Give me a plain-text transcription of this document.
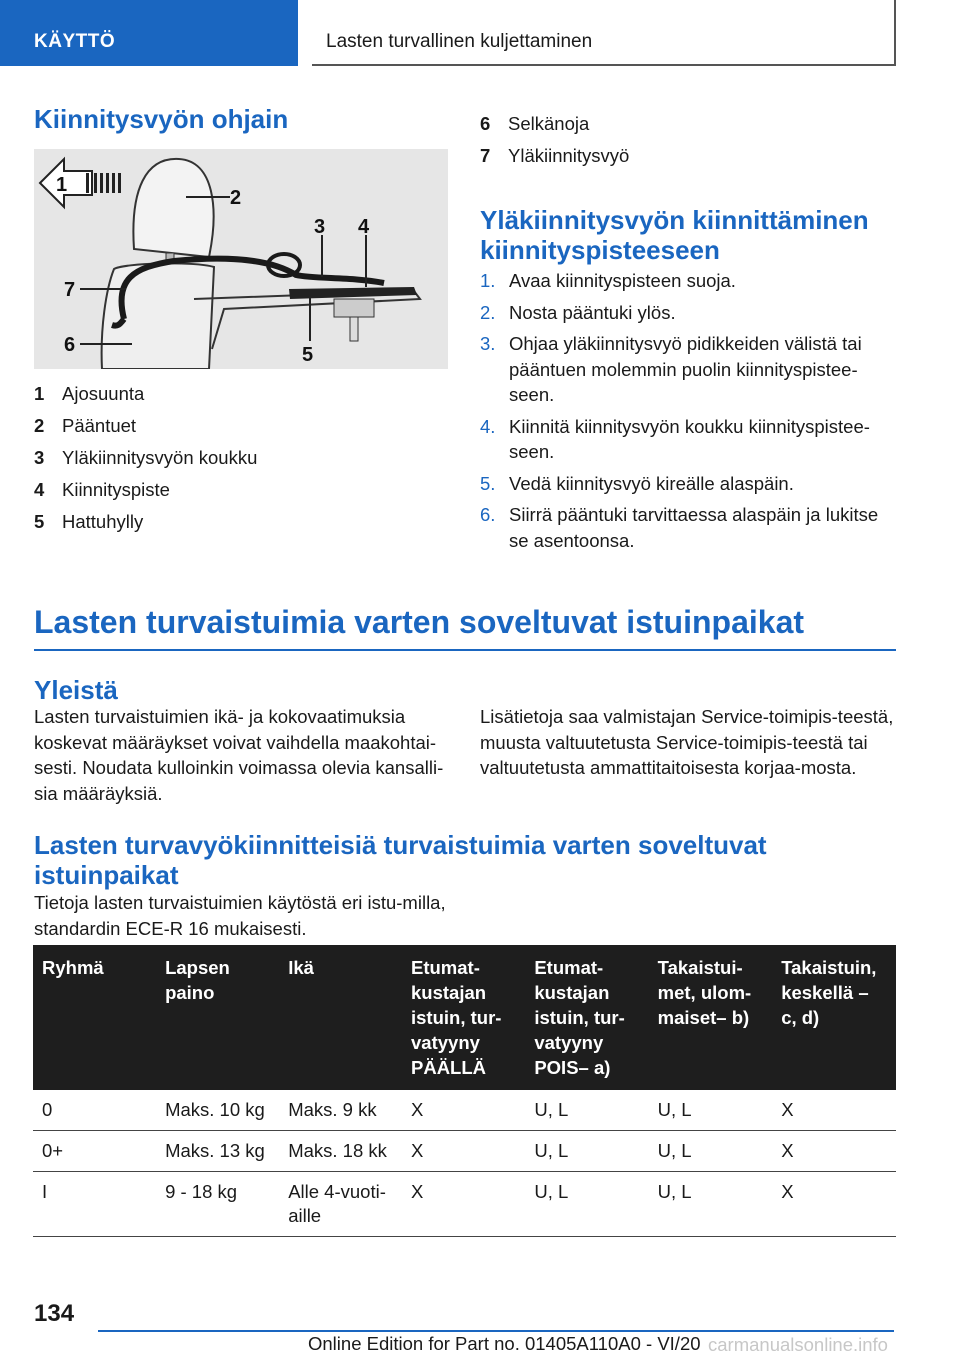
KÄYTTÖ	Lasten turvallinen kuljettaminen
Kiinnitysvyön ohjain
1
2
3 4
5
6
7
1 Ajosuunta
2 Pääntuet
3 Yläkiinnitysvyön koukku
4 Kiinnityspiste
5 Hattuhylly
6 Selkänoja
7 Yläkiinnitysvyö
Yläkiinnitysvyön kiinnittäminen
kiinnityspisteeseen
1. Avaa kiinnityspisteen suoja.
2. Nosta pääntuki ylös.
3. Ohjaa yläkiinnitysvyö pidikkeiden välistä tai pääntuen molemmin puolin kiinnityspistee-seen.
4. Kiinnitä kiinnitysvyön koukku kiinnityspistee-seen.
5. Vedä kiinnitysvyö kireälle alaspäin.
6. Siirrä pääntuki tarvittaessa alaspäin ja lukitse se asentoonsa.
Lasten turvaistuimia varten soveltuvat istuinpaikat
Yleistä
Lasten turvaistuimien ikä- ja kokovaatimuksia koskevat määräykset voivat vaihdella maakohtai-sesti. Noudata kulloinkin voimassa olevia kansalli-sia määräyksiä.
Lisätietoja saa valmistajan Service-toimipis-teestä, muusta valtuutetusta Service-toimipis-teestä tai valtuutetusta ammattitaitoisesta korjaa-mosta.
Lasten turvavyökiinnitteisiä turvaistuimia varten soveltuvat
istuinpaikat
Tietoja lasten turvaistuimien käytöstä eri istu-milla, standardin ECE-R 16 mukaisesti.
Ryhmä	Lapsen paino	Ikä	Etumat-kustajan istuin, tur-vatyyny PÄÄLLÄ	Etumat-kustajan istuin, tur-vatyyny POIS– a)	Takaistui-met, ulom-maiset– b)	Takaistuin, keskellä – c, d)
0	Maks. 10 kg	Maks. 9 kk	X	U, L	U, L	X
0+	Maks. 13 kg	Maks. 18 kk	X	U, L	U, L	X
I	9 - 18 kg	Alle 4-vuoti-aille	X	U, L	U, L	X
134
Online Edition for Part no. 01405A110A0 - VI/20 carmanualsonline.info
